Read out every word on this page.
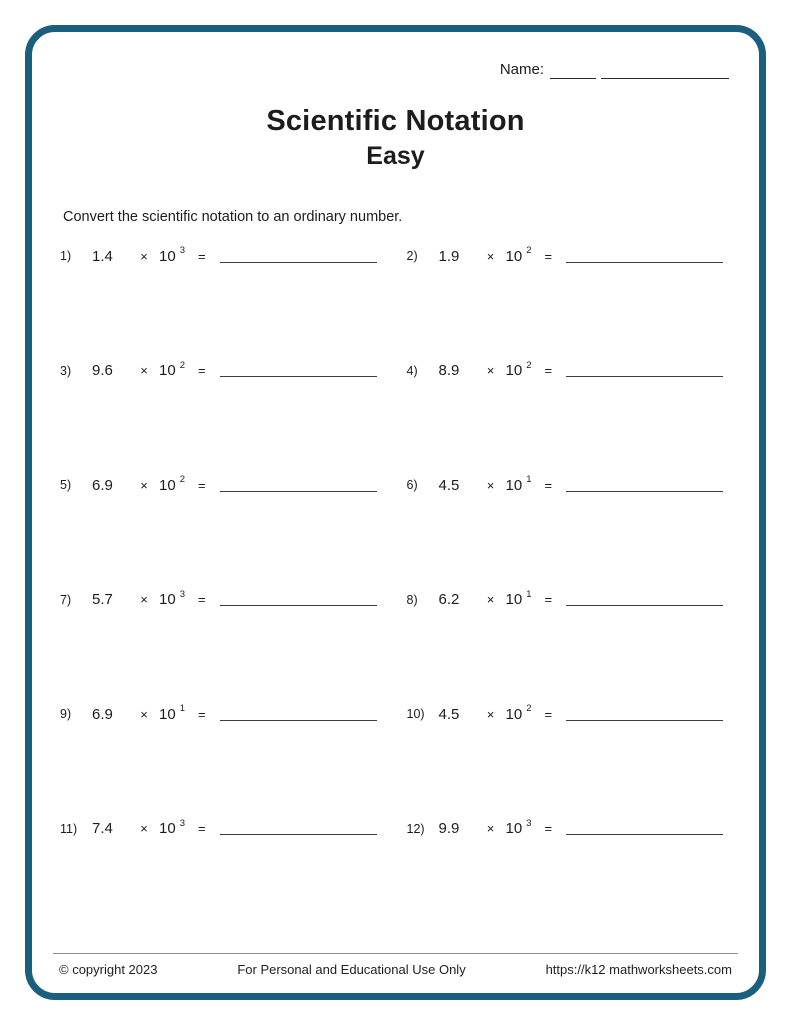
Name:
Scientific Notation
Easy
Convert the scientific notation to an ordinary number.
1)	1.4	× 10 3 =	2)	1.9	× 10 2 =
3)	9.6	× 10 2 =	4)	8.9	× 10 2 =
5)	6.9	× 10 2 =	6)	4.5	× 10 1 =
7)	5.7	× 10 3 =	8)	6.2	× 10 1 =
9)	6.9	× 10 1 =	10) 4.5	× 10 2 =
11) 7.4	× 10 3 =	12) 9.9	× 10 3 =
© copyright 2023	For Personal and Educational Use Only	https://k12 mathworksheets.com
